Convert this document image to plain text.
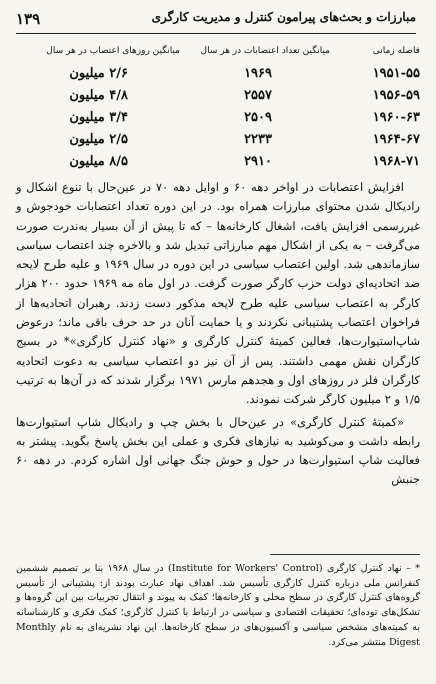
۱۳۹	مبارزات و بحث‌های پیرامون کنترل و مدیریت کارگری
فاصله زمانی
میانگین تعداد اعتصابات در هر سال
میانگین روزهای اعتصاب در هر سال
۱۹۵۱-۵۵
۱۹۶۹
۲/۶ میلیون
۱۹۵۶-۵۹
۲۵۵۷
۴/۸ میلیون
۱۹۶۰-۶۳
۲۵۰۹
۳/۴ میلیون
۱۹۶۴-۶۷
۲۲۳۳
۲/۵ میلیون
۱۹۶۸-۷۱
۲۹۱۰
۸/۵ میلیون

افزایش اعتصابات در اواخر دهه ۶۰ و اوایل دهه ۷۰ در عین‌حال با تنوع اشکال و رادیکال شدن محتوای مبارزات همراه بود. در این دوره تعداد اعتصابات خودجوش و غیررسمی افزایش یافت، اشغال کارخانه‌ها – که تا پیش از آن بسیار به‌ندرت صورت می‌گرفت – به یکی از اشکال مهم مبارزاتی تبدیل شد و بالاخره چند اعتصاب سیاسی سازماندهی شد. اولین اعتصاب سیاسی در این دوره در سال ۱۹۶۹ و علیه طرح لایحه ضد اتحادیه‌ای دولت حزب کارگر صورت گرفت. در اول ماه مه ۱۹۶۹ حدود ۲۰۰ هزار کارگر به اعتصاب سیاسی علیه طرح لایحه مذکور دست زدند. رهبران اتحادیه‌ها از فراخوان اعتصاب پشتیبانی نکردند و یا حمایت آنان در حد حرف باقی ماند؛ درعوض شاپ‌استیوارت‌ها، فعالین کمیتهٔ کنترل کارگری و «نهاد کنترل کارگری»* در بسیج کارگران نقش مهمی داشتند. پس از آن نیز دو اعتصاب سیاسی به دعوت اتحادیه کارگران فلز در روزهای اول و هجدهم مارس ۱۹۷۱ برگزار شدند که در آن‌ها به ترتیب ۱/۵ و ۲ میلیون کارگر شرکت نمودند.

«کمیتهٔ کنترل کارگری» در عین‌حال با بخش چپ و رادیکال شاپ استیوارت‌ها رابطه داشت و می‌کوشید به نیازهای فکری و عملی این بخش پاسخ بگوید. پیشتر به فعالیت شاپ استیوارت‌ها در حول و حوش جنگ جهانی اول اشاره کردم. در دهه ۶۰ جنبش

* – نهاد کنترل کارگری (Institute for Workers' Control) در سال ۱۹۶۸ بنا بر تصمیم ششمین کنفرانس ملی درباره کنترل کارگری تأسیس شد. اهداف نهاد عبارت بودند از: پشتیبانی از تأسیس گروه‌های کنترل کارگری در سطح محلی و کارخانه‌ها؛ کمک به پیوند و انتقال تجربیات بین این گروه‌ها و تشکل‌های توده‌ای؛ تحقیقات اقتصادی و سیاسی در ارتباط با کنترل کارگری؛ کمک فکری و کارشناسانه به کمیته‌های مشخص سیاسی و آکسیون‌های در سطح کارخانه‌ها. این نهاد نشریه‌ای به نام Monthly Digest منتشر می‌کرد.
